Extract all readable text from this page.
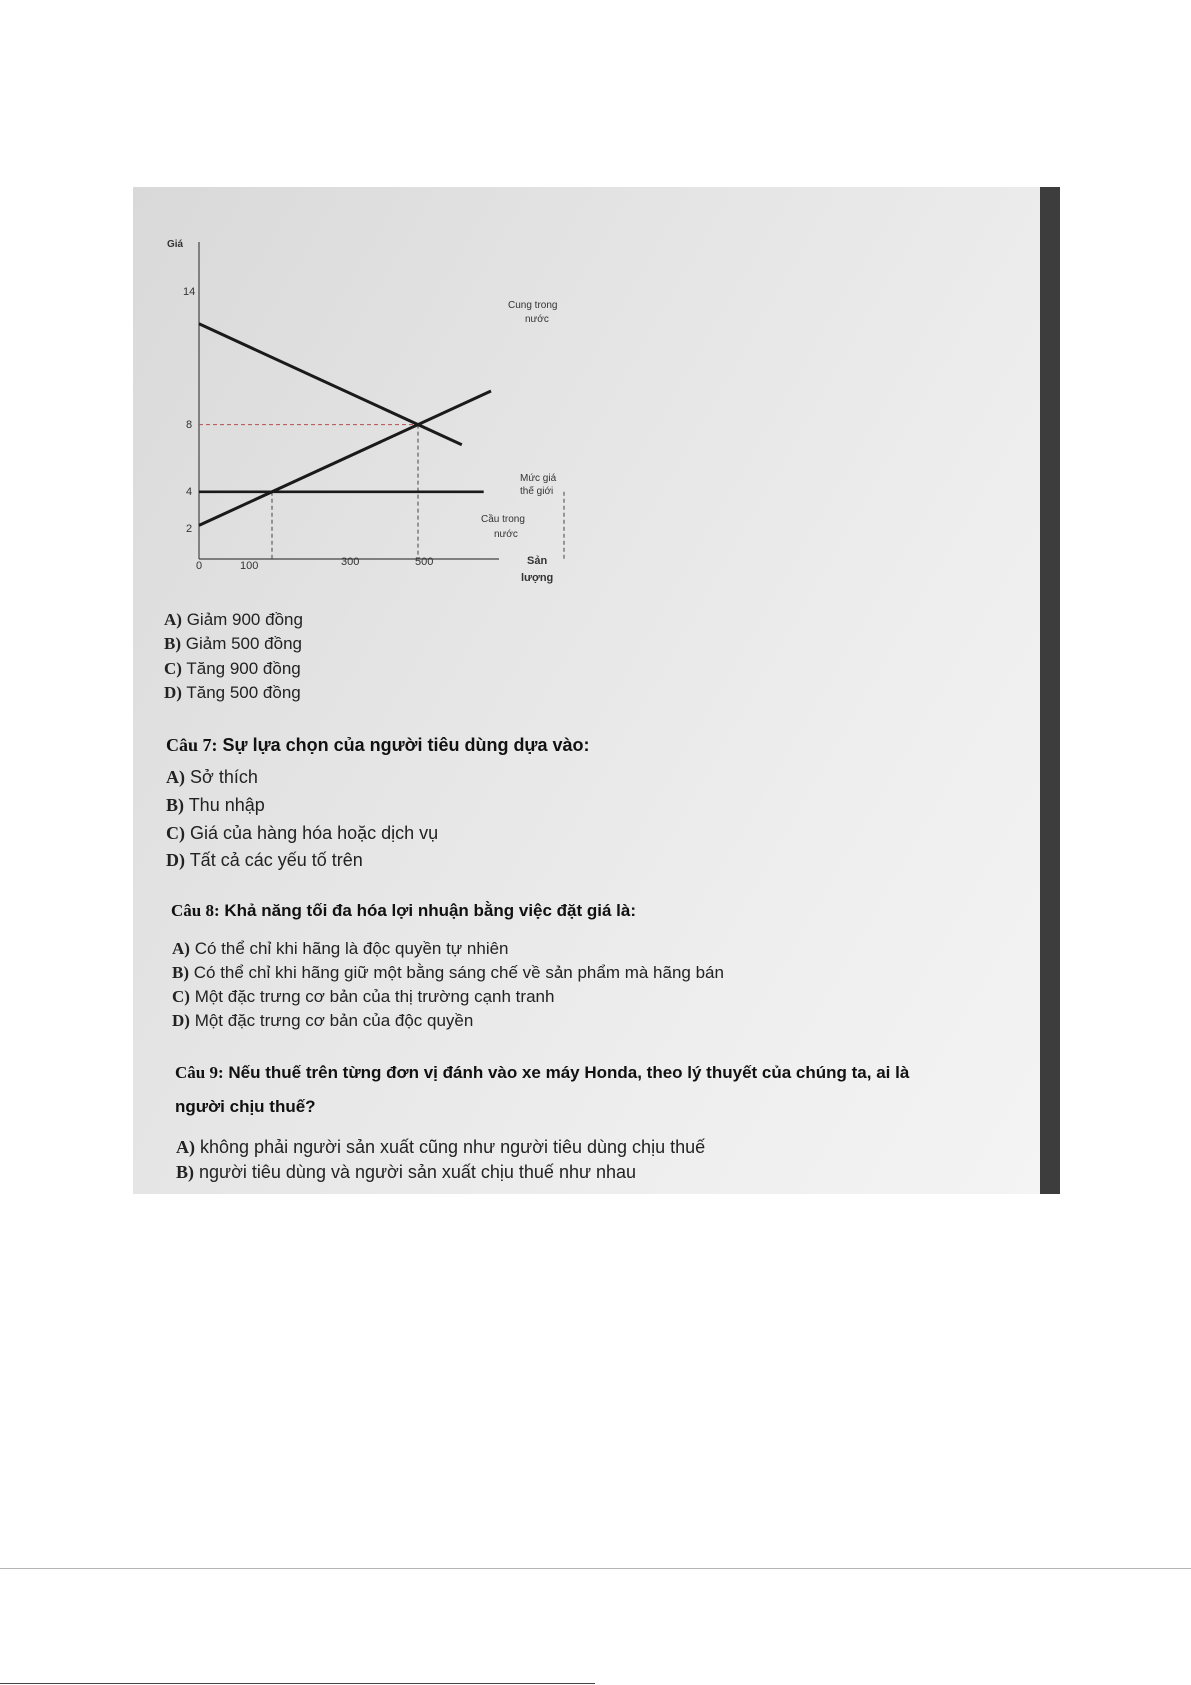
Giá
Sản
lượng
14
8
4
2
0	100	300	500
Cung trong
nước
Mức giá
thế giới
Cầu trong
nước
A) Giảm 900 đồng
B) Giảm 500 đồng
C) Tăng 900 đồng
D) Tăng 500 đồng
Câu 7: Sự lựa chọn của người tiêu dùng dựa vào:
A) Sở thích
B) Thu nhập
C) Giá của hàng hóa hoặc dịch vụ
D) Tất cả các yếu tố trên
Câu 8: Khả năng tối đa hóa lợi nhuận bằng việc đặt giá là:
A) Có thể chỉ khi hãng là độc quyền tự nhiên
B) Có thể chỉ khi hãng giữ một bằng sáng chế về sản phẩm mà hãng bán
C) Một đặc trưng cơ bản của thị trường cạnh tranh
D) Một đặc trưng cơ bản của độc quyền
Câu 9: Nếu thuế trên từng đơn vị đánh vào xe máy Honda, theo lý thuyết của chúng ta, ai là
người chịu thuế?
A) không phải người sản xuất cũng như người tiêu dùng chịu thuế
B) người tiêu dùng và người sản xuất chịu thuế như nhau
